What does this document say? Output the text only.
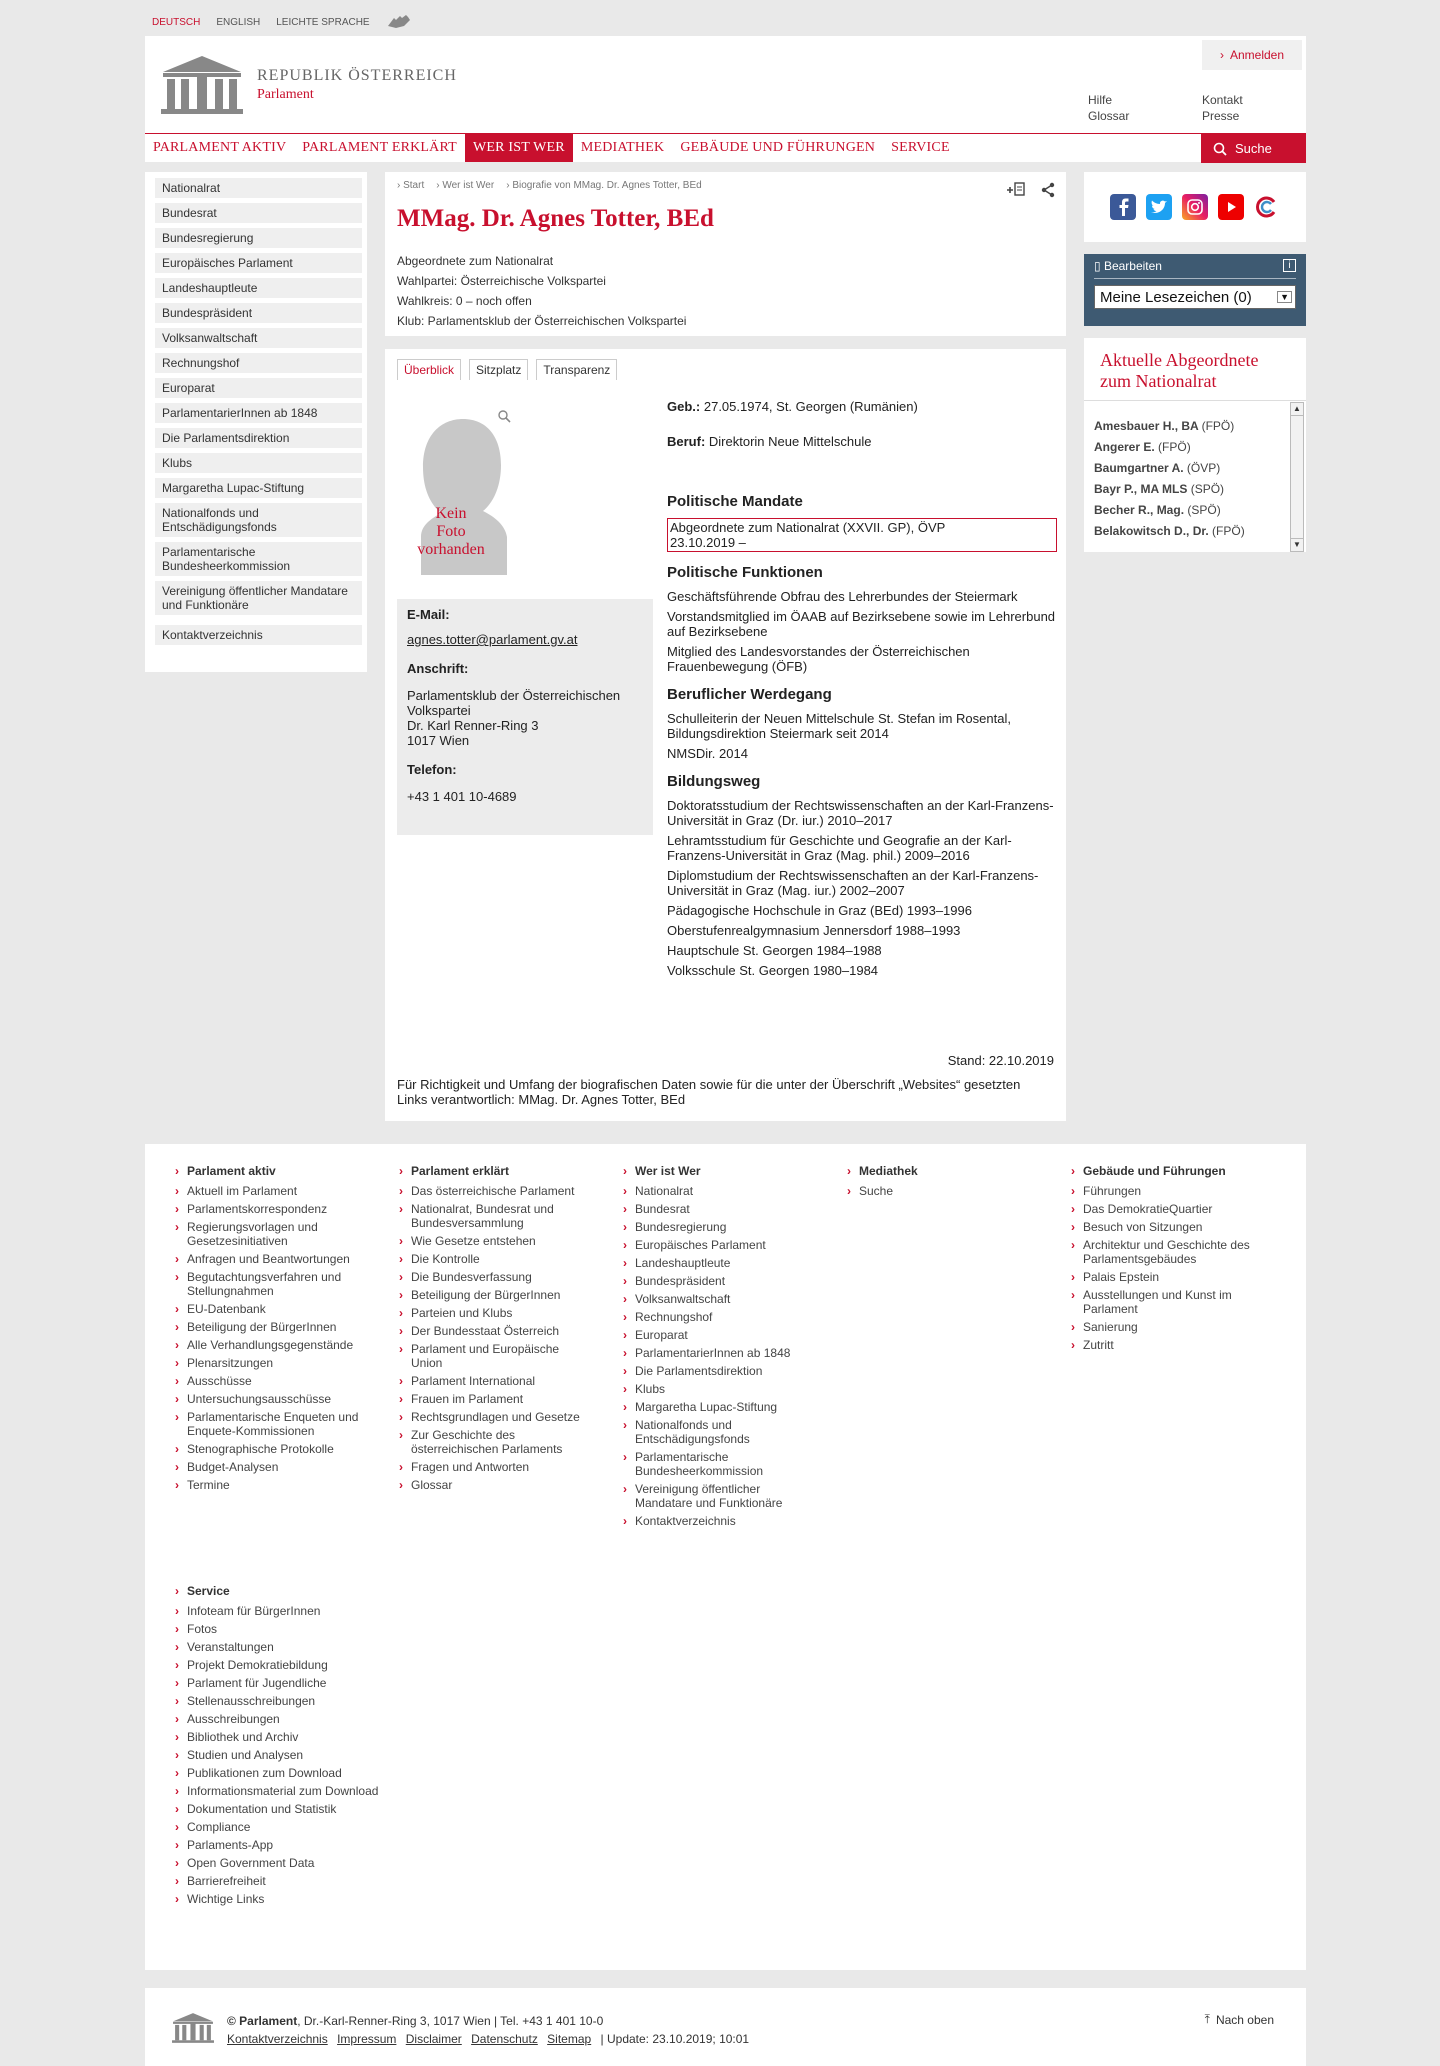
DEUTSCH ENGLISH LEICHTE SPRACHE
REPUBLIK ÖSTERREICH
Parlament
› Anmelden
Hilfe
Glossar
Kontakt
Presse
PARLAMENT AKTIV	PARLAMENT ERKLÄRT	WER IST WER	MEDIATHEK	GEBÄUDE UND FÜHRUNGEN	SERVICE	Suche
Nationalrat
Bundesrat
Bundesregierung
Europäisches Parlament
Landeshauptleute
Bundespräsident
Volksanwaltschaft
Rechnungshof
Europarat
ParlamentarierInnen ab 1848
Die Parlamentsdirektion
Klubs
Margaretha Lupac-Stiftung
Nationalfonds und Entschädigungsfonds
Parlamentarische Bundesheerkommission
Vereinigung öffentlicher Mandatare und Funktionäre
Kontaktverzeichnis
› Start › Wer ist Wer › Biografie von MMag. Dr. Agnes Totter, BEd
MMag. Dr. Agnes Totter, BEd
Abgeordnete zum Nationalrat
Wahlpartei: Österreichische Volkspartei
Wahlkreis: 0 – noch offen
Klub: Parlamentsklub der Österreichischen Volkspartei
Überblick	Sitzplatz	Transparenz
Kein
Foto
vorhanden
E-Mail:
agnes.totter@parlament.gv.at
Anschrift:
Parlamentsklub der Österreichischen
Volkspartei
Dr. Karl Renner-Ring 3
1017 Wien
Telefon:
+43 1 401 10-4689
Geb.: 27.05.1974, St. Georgen (Rumänien)
Beruf: Direktorin Neue Mittelschule
Politische Mandate
Abgeordnete zum Nationalrat (XXVII. GP), ÖVP
23.10.2019 –
Politische Funktionen

Geschäftsführende Obfrau des Lehrerbundes der Steiermark

Vorstandsmitglied im ÖAAB auf Bezirksebene sowie im Lehrerbund auf Bezirksebene

Mitglied des Landesvorstandes der Österreichischen Frauenbewegung (ÖFB)

Beruflicher Werdegang

Schulleiterin der Neuen Mittelschule St. Stefan im Rosental, Bildungsdirektion Steiermark seit 2014

NMSDir. 2014

Bildungsweg

Doktoratsstudium der Rechtswissenschaften an der Karl-Franzens-Universität in Graz (Dr. iur.) 2010–2017

Lehramtsstudium für Geschichte und Geografie an der Karl-Franzens-Universität in Graz (Mag. phil.) 2009–2016

Diplomstudium der Rechtswissenschaften an der Karl-Franzens-Universität in Graz (Mag. iur.) 2002–2007

Pädagogische Hochschule in Graz (BEd) 1993–1996

Oberstufenrealgymnasium Jennersdorf 1988–1993

Hauptschule St. Georgen 1984–1988

Volksschule St. Georgen 1980–1984

Stand: 22.10.2019
Für Richtigkeit und Umfang der biografischen Daten sowie für die unter der Überschrift „Websites“ gesetzten Links verantwortlich: MMag. Dr. Agnes Totter, BEd
▯ Bearbeiten	i
Meine Lesezeichen (0)	▼
Aktuelle Abgeordnete zum Nationalrat
Amesbauer H., BA (FPÖ)
Angerer E. (FPÖ)
Baumgartner A. (ÖVP)
Bayr P., MA MLS (SPÖ)
Becher R., Mag. (SPÖ)
Belakowitsch D., Dr. (FPÖ)
▲
▼
› Parlament aktiv
› Aktuell im Parlament
› Parlamentskorrespondenz
› Regierungsvorlagen und Gesetzesinitiativen
› Anfragen und Beantwortungen
› Begutachtungsverfahren und Stellungnahmen
› EU-Datenbank
› Beteiligung der BürgerInnen
› Alle Verhandlungsgegenstände
› Plenarsitzungen
› Ausschüsse
› Untersuchungsausschüsse
› Parlamentarische Enqueten und Enquete-Kommissionen
› Stenographische Protokolle
› Budget-Analysen
› Termine
› Parlament erklärt
› Das österreichische Parlament
› Nationalrat, Bundesrat und Bundesversammlung
› Wie Gesetze entstehen
› Die Kontrolle
› Die Bundesverfassung
› Beteiligung der BürgerInnen
› Parteien und Klubs
› Der Bundesstaat Österreich
› Parlament und Europäische Union
› Parlament International
› Frauen im Parlament
› Rechtsgrundlagen und Gesetze
› Zur Geschichte des österreichischen Parlaments
› Fragen und Antworten
› Glossar
› Wer ist Wer
› Nationalrat
› Bundesrat
› Bundesregierung
› Europäisches Parlament
› Landeshauptleute
› Bundespräsident
› Volksanwaltschaft
› Rechnungshof
› Europarat
› ParlamentarierInnen ab 1848
› Die Parlamentsdirektion
› Klubs
› Margaretha Lupac-Stiftung
› Nationalfonds und Entschädigungsfonds
› Parlamentarische Bundesheerkommission
› Vereinigung öffentlicher Mandatare und Funktionäre
› Kontaktverzeichnis
› Mediathek
› Suche
› Gebäude und Führungen
› Führungen
› Das DemokratieQuartier
› Besuch von Sitzungen
› Architektur und Geschichte des Parlamentsgebäudes
› Palais Epstein
› Ausstellungen und Kunst im Parlament
› Sanierung
› Zutritt
› Service
› Infoteam für BürgerInnen
› Fotos
› Veranstaltungen
› Projekt Demokratiebildung
› Parlament für Jugendliche
› Stellenausschreibungen
› Ausschreibungen
› Bibliothek und Archiv
› Studien und Analysen
› Publikationen zum Download
› Informationsmaterial zum Download
› Dokumentation und Statistik
› Compliance
› Parlaments-App
› Open Government Data
› Barrierefreiheit
› Wichtige Links
© Parlament, Dr.-Karl-Renner-Ring 3, 1017 Wien | Tel. +43 1 401 10-0
Kontaktverzeichnis Impressum Disclaimer Datenschutz Sitemap | Update: 23.10.2019; 10:01
⤒ Nach oben
